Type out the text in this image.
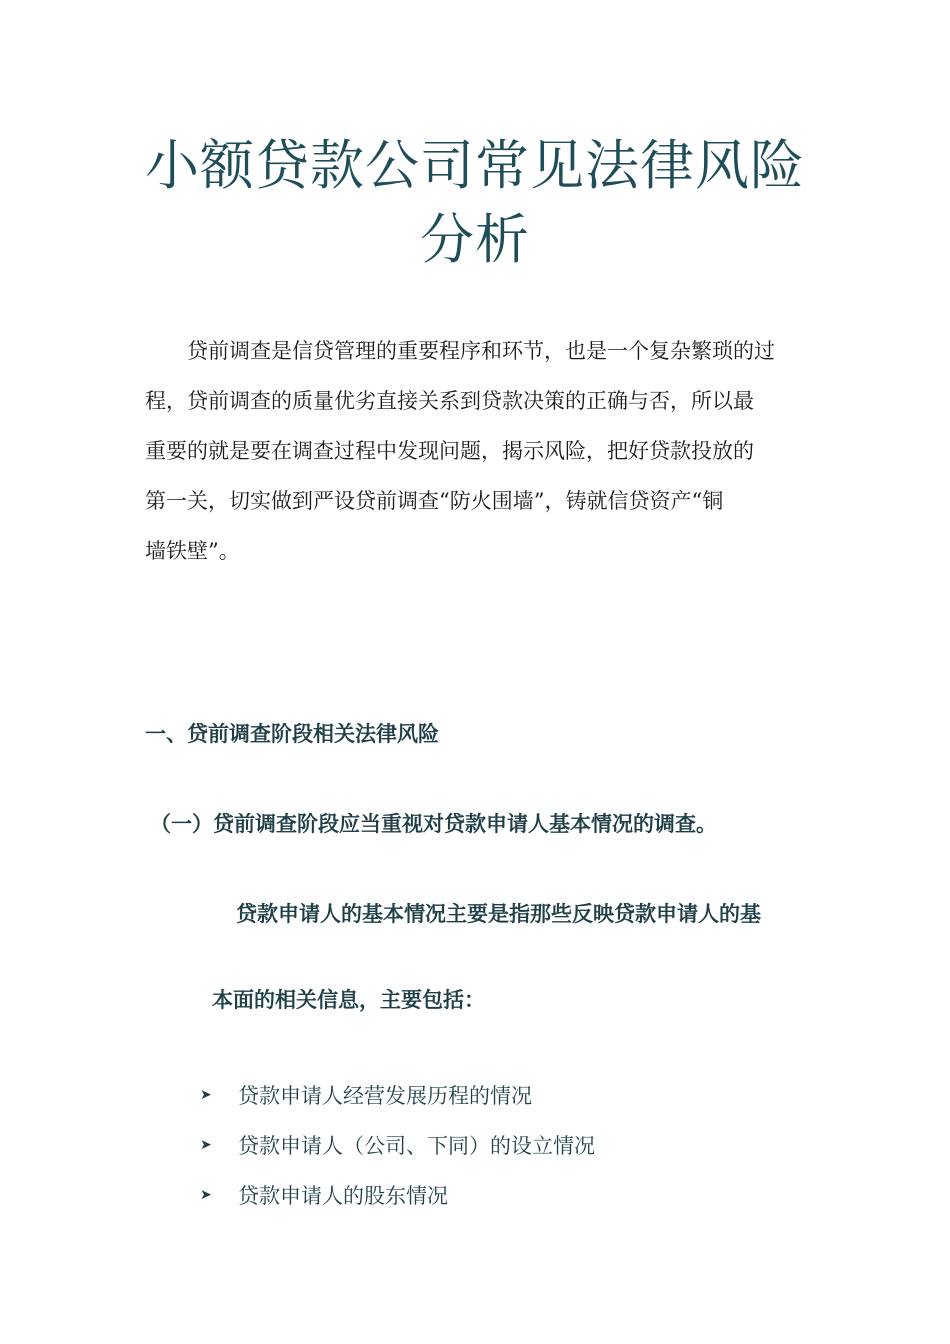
小额贷款公司常见法律风险
分析
　　贷前调查是信贷管理的重要程序和环节，也是一个复杂繁琐的过
程，贷前调查的质量优劣直接关系到贷款决策的正确与否，所以最
重要的就是要在调查过程中发现问题，揭示风险，把好贷款投放的
第一关，切实做到严设贷前调查“防火围墙”，铸就信贷资产“铜
墙铁壁”。
一、贷前调查阶段相关法律风险
（一）贷前调查阶段应当重视对贷款申请人基本情况的调查。
贷款申请人的基本情况主要是指那些反映贷款申请人的基
本面的相关信息，主要包括：
➤	贷款申请人经营发展历程的情况
➤	贷款申请人（公司、下同）的设立情况
➤	贷款申请人的股东情况
